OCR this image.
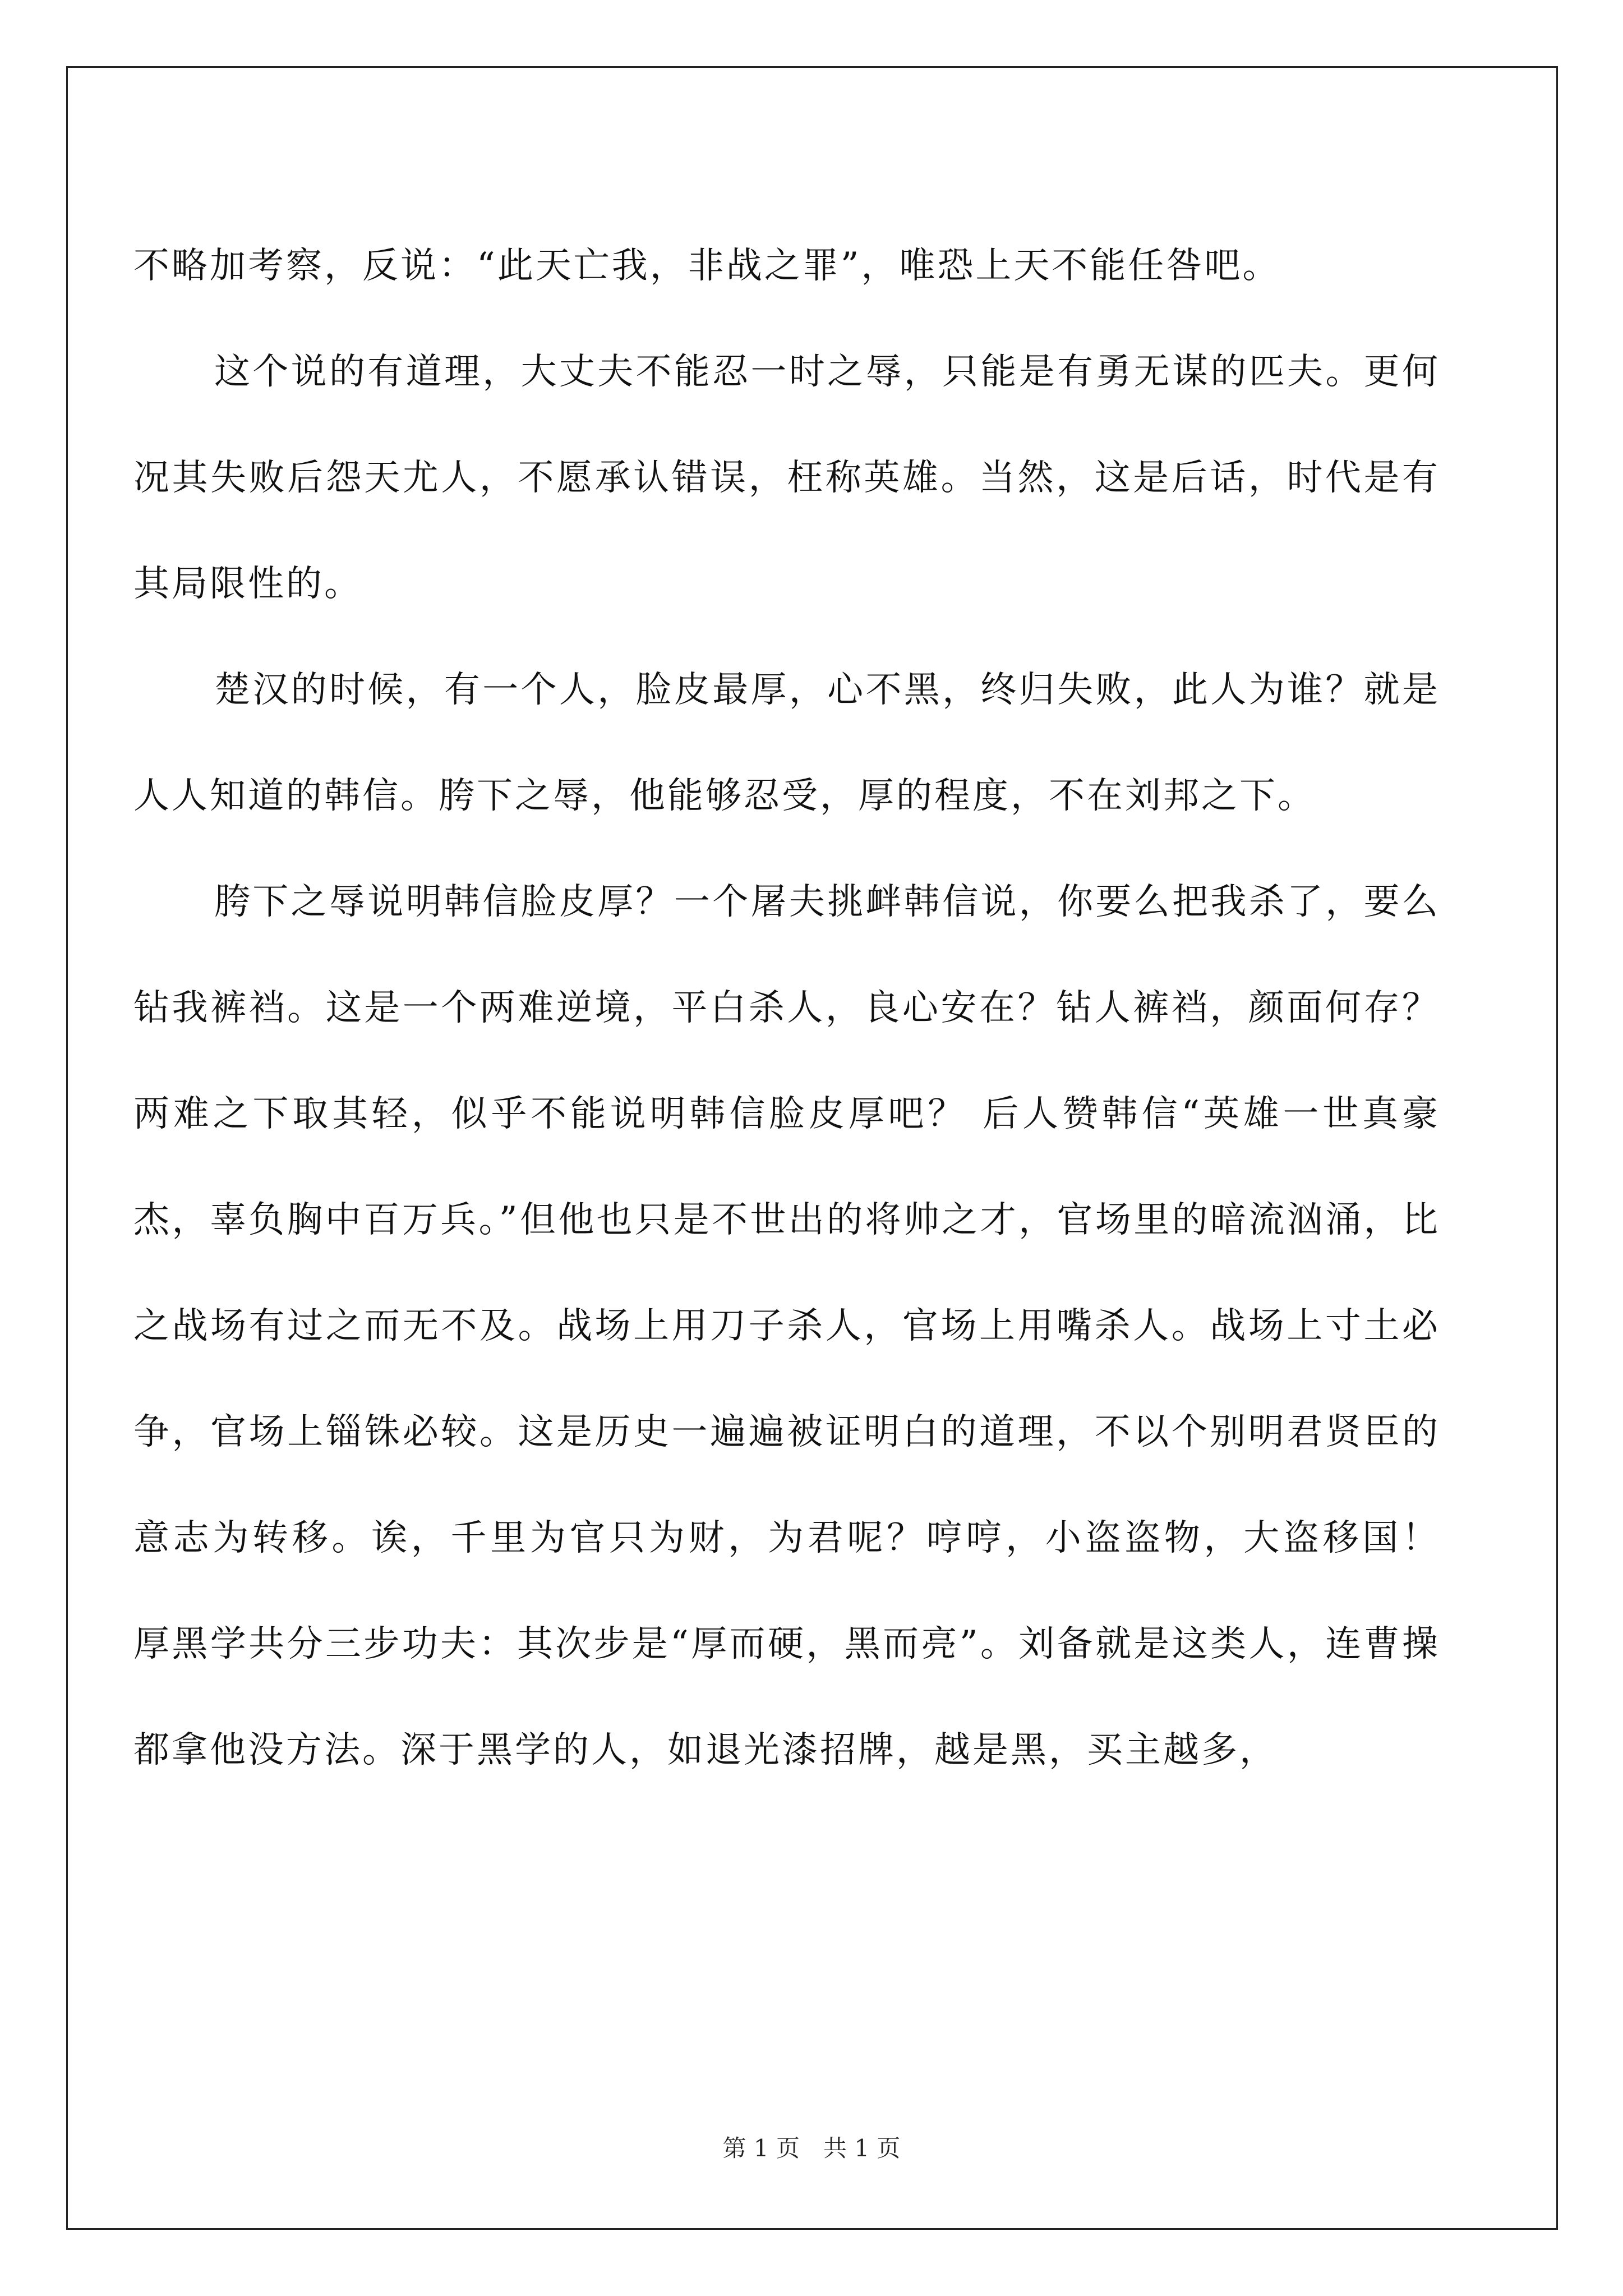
不略加考察，反说：“此天亡我，非战之罪”，唯恐上天不能任咎吧。

这个说的有道理，大丈夫不能忍一时之辱，只能是有勇无谋的匹夫。更何况其失败后怨天尤人，不愿承认错误，枉称英雄。当然，这是后话，时代是有其局限性的。

楚汉的时候，有一个人，脸皮最厚，心不黑，终归失败，此人为谁？就是人人知道的韩信。胯下之辱，他能够忍受，厚的程度，不在刘邦之下。

胯下之辱说明韩信脸皮厚？一个屠夫挑衅韩信说，你要么把我杀了，要么钻我裤裆。这是一个两难逆境，平白杀人，良心安在？钻人裤裆，颜面何存？两难之下取其轻，似乎不能说明韩信脸皮厚吧？ 后人赞韩信“英雄一世真豪杰，辜负胸中百万兵。”但他也只是不世出的将帅之才，官场里的暗流汹涌，比之战场有过之而无不及。战场上用刀子杀人，官场上用嘴杀人。战场上寸土必争，官场上锱铢必较。这是历史一遍遍被证明白的道理，不以个别明君贤臣的意志为转移。诶，千里为官只为财，为君呢？哼哼，小盗盗物，大盗移国！ 厚黑学共分三步功夫：其次步是“厚而硬，黑而亮”。刘备就是这类人，连曹操都拿他没方法。深于黑学的人，如退光漆招牌，越是黑，买主越多，

第 1 页　共 1 页
